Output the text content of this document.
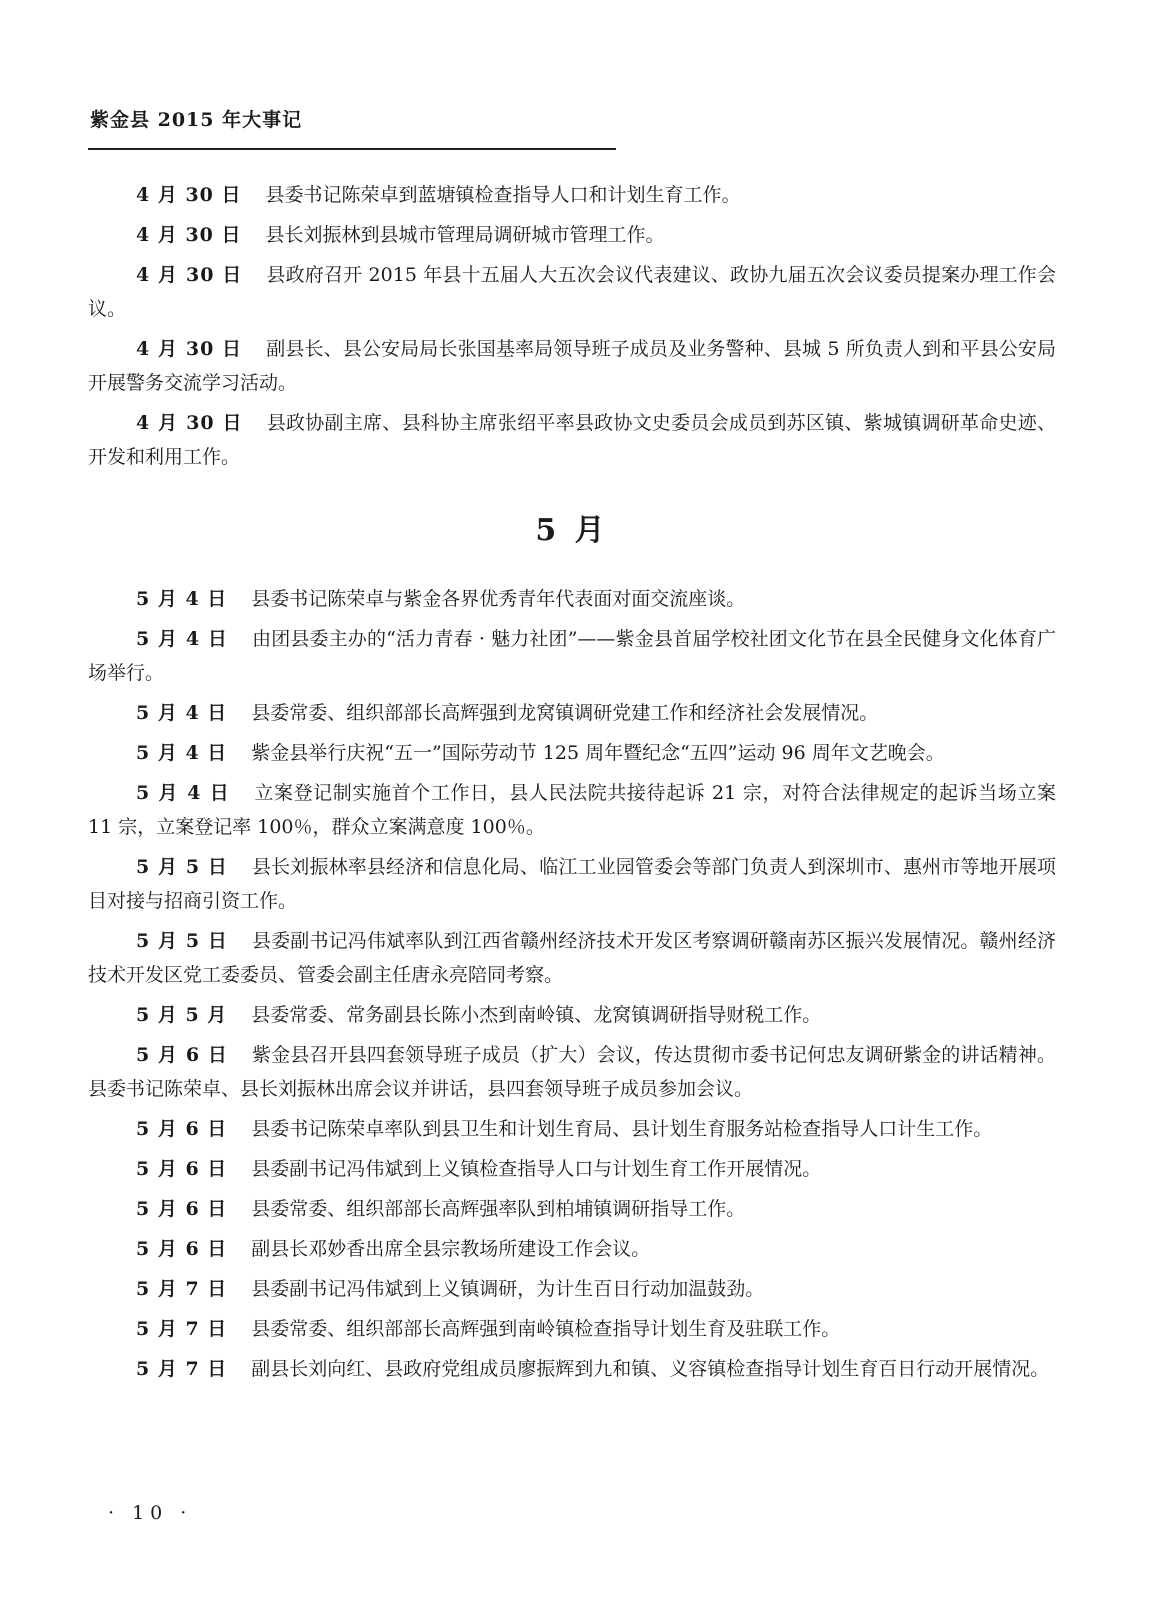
紫金县 2015 年大事记

4 月 30 日 县委书记陈荣卓到蓝塘镇检查指导人口和计划生育工作。

4 月 30 日 县长刘振林到县城市管理局调研城市管理工作。

4 月 30 日 县政府召开 2015 年县十五届人大五次会议代表建议、政协九届五次会议委员提案办理工作会议。

4 月 30 日 副县长、县公安局局长张国基率局领导班子成员及业务警种、县城 5 所负责人到和平县公安局开展警务交流学习活动。

4 月 30 日 县政协副主席、县科协主席张绍平率县政协文史委员会成员到苏区镇、紫城镇调研革命史迹、开发和利用工作。

5 月

5 月 4 日 县委书记陈荣卓与紫金各界优秀青年代表面对面交流座谈。

5 月 4 日 由团县委主办的“活力青春 · 魅力社团”——紫金县首届学校社团文化节在县全民健身文化体育广场举行。

5 月 4 日 县委常委、组织部部长高辉强到龙窝镇调研党建工作和经济社会发展情况。

5 月 4 日 紫金县举行庆祝“五一”国际劳动节 125 周年暨纪念“五四”运动 96 周年文艺晚会。

5 月 4 日 立案登记制实施首个工作日，县人民法院共接待起诉 21 宗，对符合法律规定的起诉当场立案 11 宗，立案登记率 100％，群众立案满意度 100％。

5 月 5 日 县长刘振林率县经济和信息化局、临江工业园管委会等部门负责人到深圳市、惠州市等地开展项目对接与招商引资工作。

5 月 5 日 县委副书记冯伟斌率队到江西省赣州经济技术开发区考察调研赣南苏区振兴发展情况。赣州经济技术开发区党工委委员、管委会副主任唐永亮陪同考察。

5 月 5 月 县委常委、常务副县长陈小杰到南岭镇、龙窝镇调研指导财税工作。

5 月 6 日 紫金县召开县四套领导班子成员（扩大）会议，传达贯彻市委书记何忠友调研紫金的讲话精神。县委书记陈荣卓、县长刘振林出席会议并讲话，县四套领导班子成员参加会议。

5 月 6 日 县委书记陈荣卓率队到县卫生和计划生育局、县计划生育服务站检查指导人口计生工作。

5 月 6 日 县委副书记冯伟斌到上义镇检查指导人口与计划生育工作开展情况。

5 月 6 日 县委常委、组织部部长高辉强率队到柏埔镇调研指导工作。

5 月 6 日 副县长邓妙香出席全县宗教场所建设工作会议。

5 月 7 日 县委副书记冯伟斌到上义镇调研，为计生百日行动加温鼓劲。

5 月 7 日 县委常委、组织部部长高辉强到南岭镇检查指导计划生育及驻联工作。

5 月 7 日 副县长刘向红、县政府党组成员廖振辉到九和镇、义容镇检查指导计划生育百日行动开展情况。

· 10 ·
